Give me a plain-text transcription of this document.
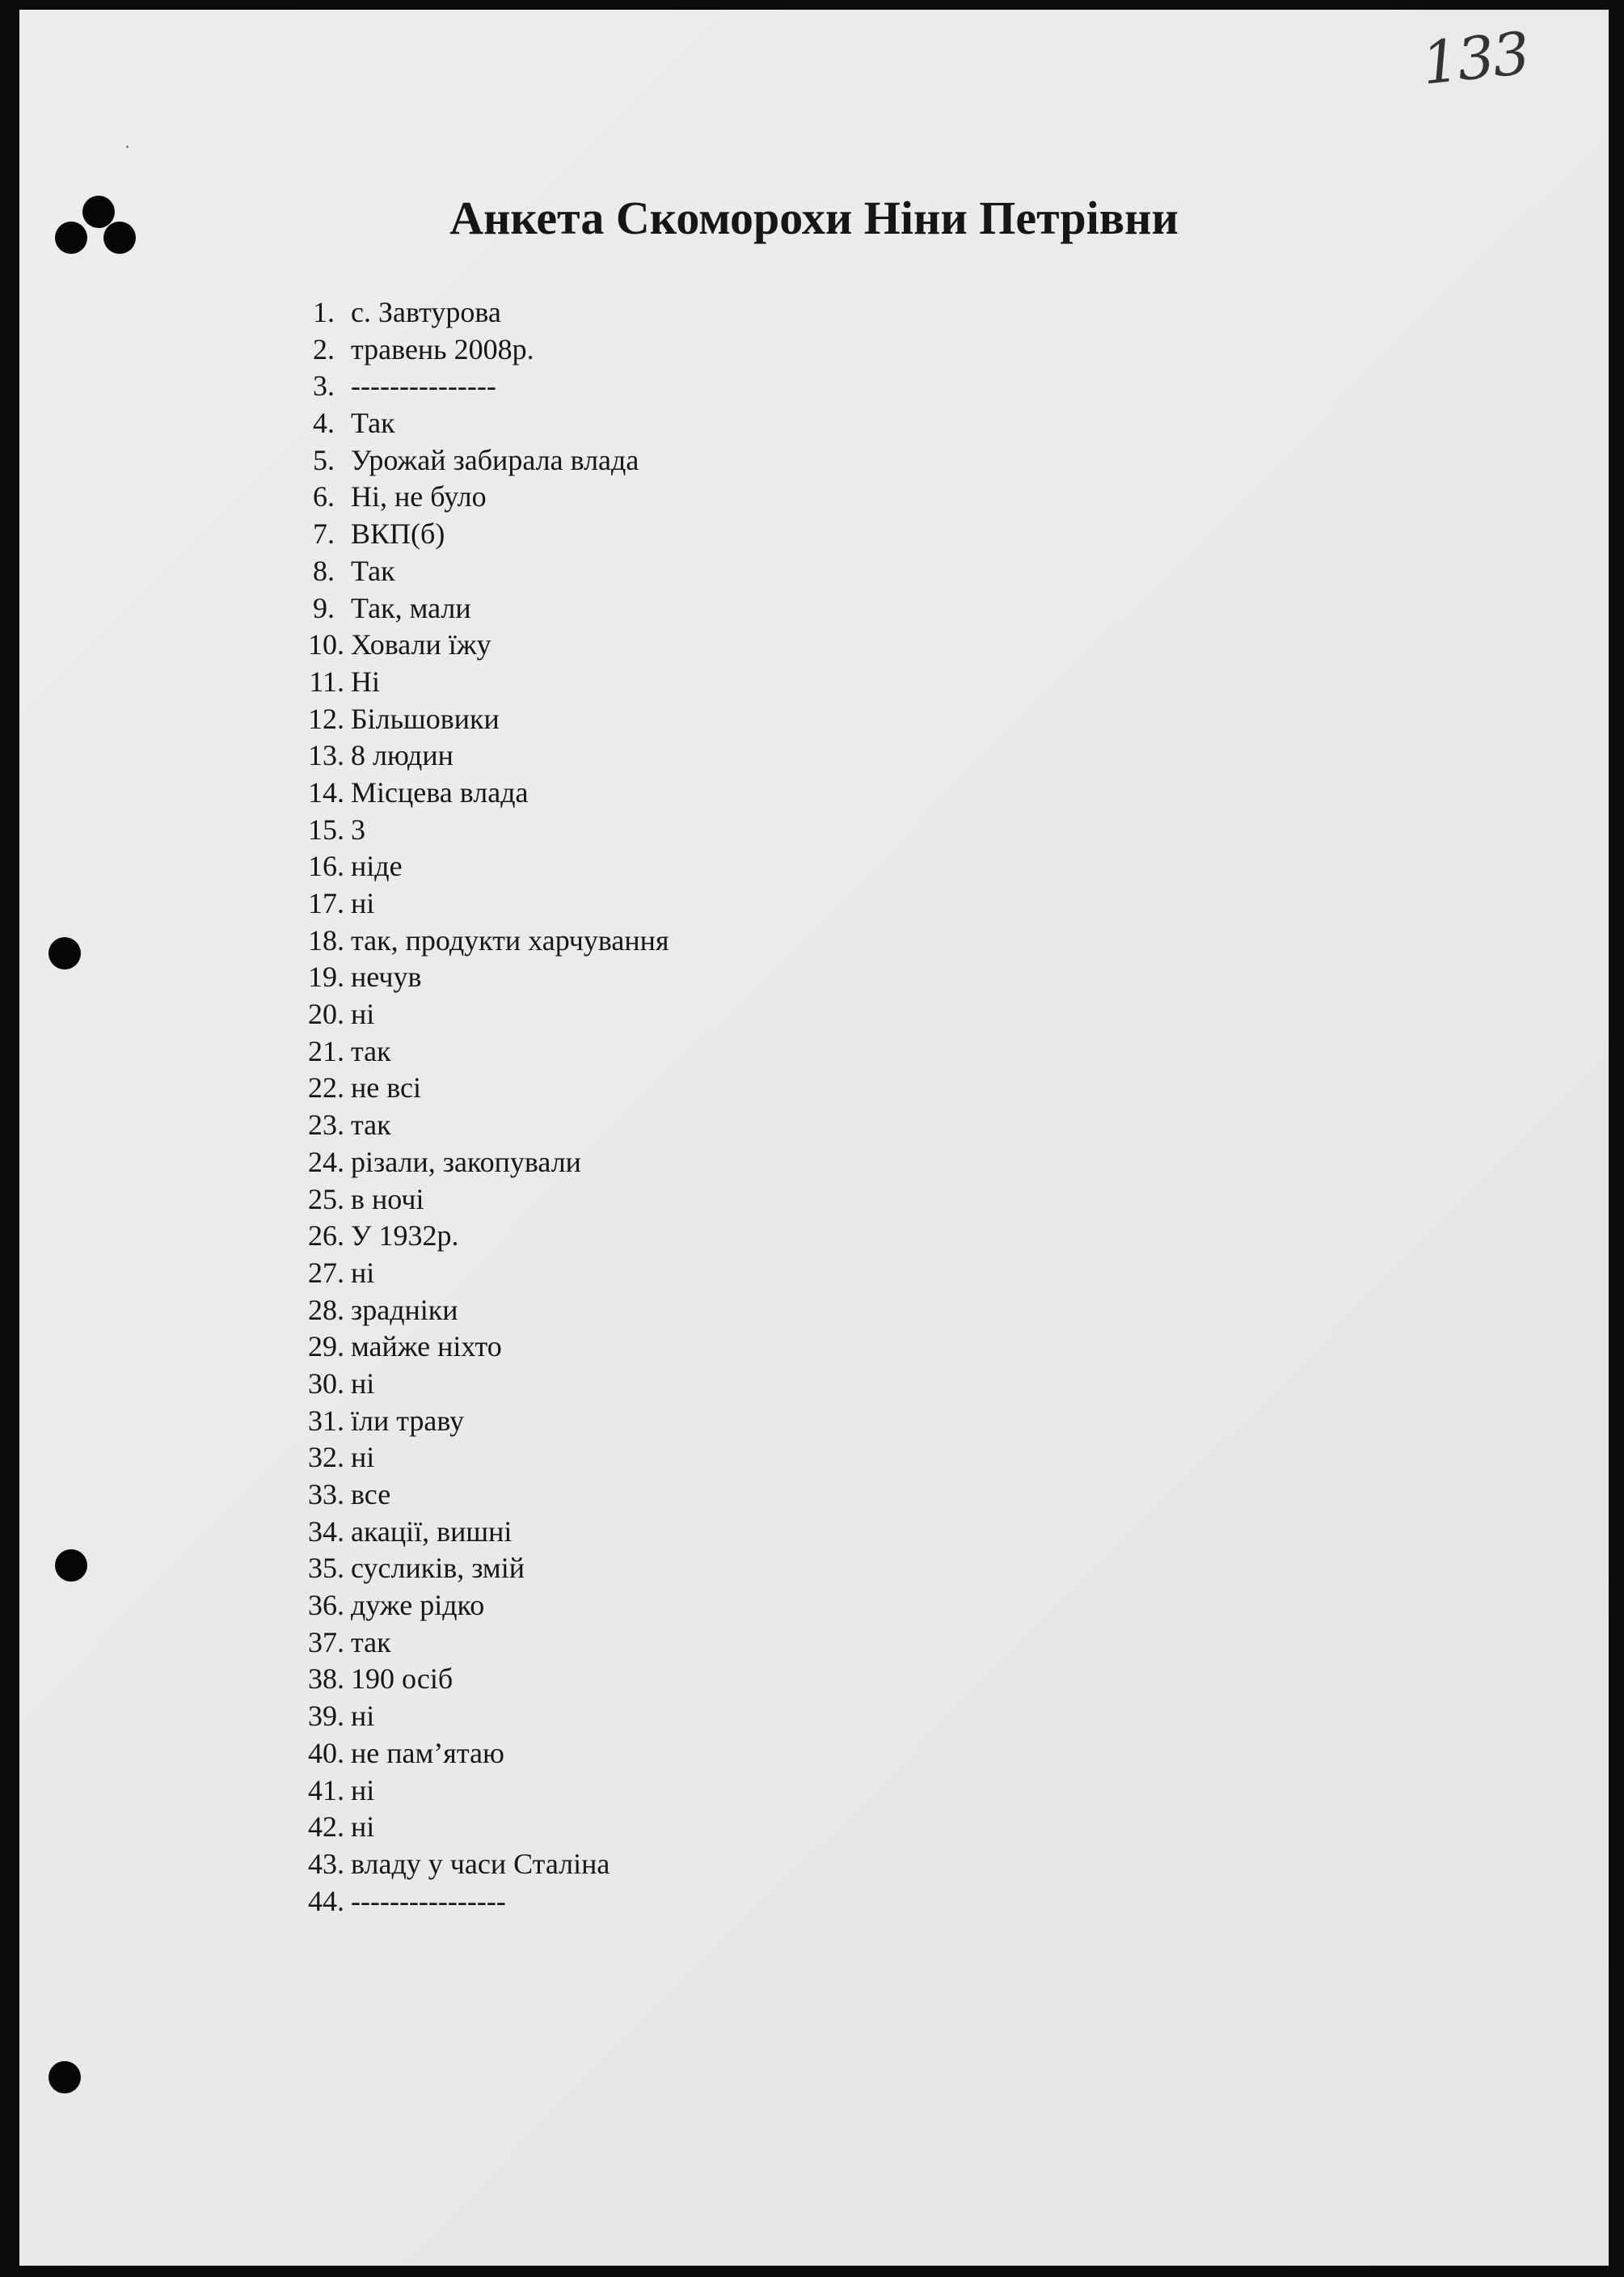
133
Анкета Скоморохи Ніни Петрівни
1. с. Завтурова
2. травень 2008р.
3. ---------------
4. Так
5. Урожай забирала влада
6. Ні, не було
7. ВКП(б)
8. Так
9. Так, мали
10. Ховали їжу
11. Ні
12. Більшовики
13. 8 людин
14. Місцева влада
15. 3
16. ніде
17. ні
18. так, продукти харчування
19. нечув
20. ні
21. так
22. не всі
23. так
24. різали, закопували
25. в ночі
26. У 1932р.
27. ні
28. зрадніки
29. майже ніхто
30. ні
31. їли траву
32. ні
33. все
34. акації, вишні
35. сусликів, змій
36. дуже рідко
37. так
38. 190 осіб
39. ні
40. не пам’ятаю
41. ні
42. ні
43. владу у часи Сталіна
44. ----------------
